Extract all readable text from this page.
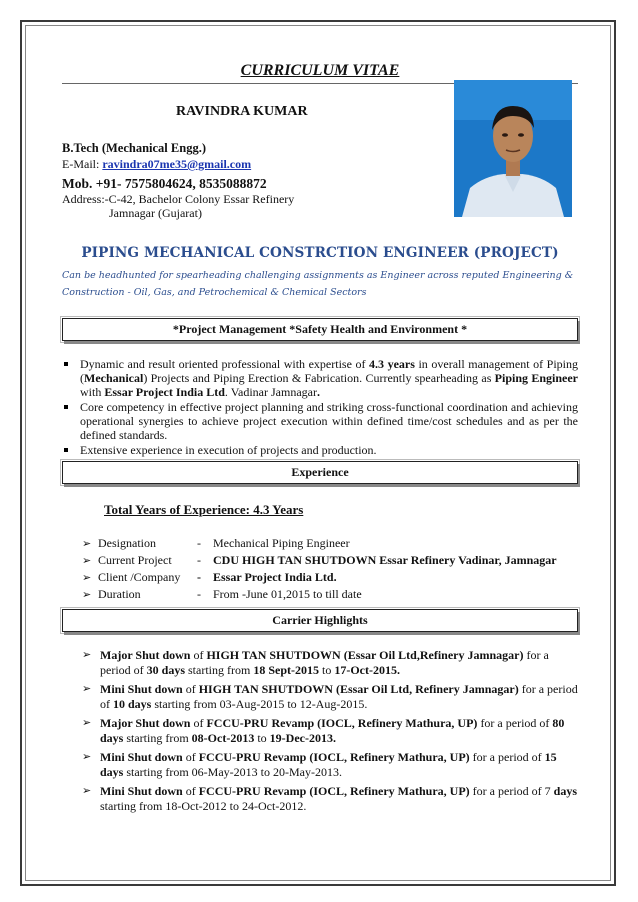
CURRICULUM VITAE
RAVINDRA KUMAR
B.Tech (Mechanical Engg.)
E-Mail: ravindra07me35@gmail.com
Mob. +91- 7575804624, 8535088872
Address:-C-42, Bachelor Colony Essar Refinery
Jamnagar (Gujarat)
PIPING MECHANICAL CONSTRCTION ENGINEER (PROJECT)
Can be headhunted for spearheading challenging assignments as Engineer across reputed Engineering & Construction - Oil, Gas, and Petrochemical & Chemical Sectors
*Project Management *Safety Health and Environment *
Dynamic and result oriented professional with expertise of 4.3 years in overall management of Piping (Mechanical) Projects and Piping Erection & Fabrication. Currently spearheading as Piping Engineer with Essar Project India Ltd. Vadinar Jamnagar.
Core competency in effective project planning and striking cross-functional coordination and achieving operational synergies to achieve project execution within defined time/cost schedules and as per the defined standards.
Extensive experience in execution of projects and production.
Experience
Total Years of Experience: 4.3 Years
➢ Designation	- Mechanical Piping Engineer
➢ Current Project - CDU HIGH TAN SHUTDOWN Essar Refinery Vadinar, Jamnagar
➢ Client /Company - Essar Project India Ltd.
➢ Duration	- From -June 01,2015 to till date
Carrier Highlights
➢ Major Shut down of HIGH TAN SHUTDOWN (Essar Oil Ltd,Refinery Jamnagar) for a period of 30 days starting from 18 Sept-2015 to 17-Oct-2015.
➢ Mini Shut down of HIGH TAN SHUTDOWN (Essar Oil Ltd, Refinery Jamnagar) for a period of 10 days starting from 03-Aug-2015 to 12-Aug-2015.
➢ Major Shut down of FCCU-PRU Revamp (IOCL, Refinery Mathura, UP) for a period of 80 days starting from 08-Oct-2013 to 19-Dec-2013.
➢ Mini Shut down of FCCU-PRU Revamp (IOCL, Refinery Mathura, UP) for a period of 15 days starting from 06-May-2013 to 20-May-2013.
➢ Mini Shut down of FCCU-PRU Revamp (IOCL, Refinery Mathura, UP) for a period of 7 days starting from 18-Oct-2012 to 24-Oct-2012.
